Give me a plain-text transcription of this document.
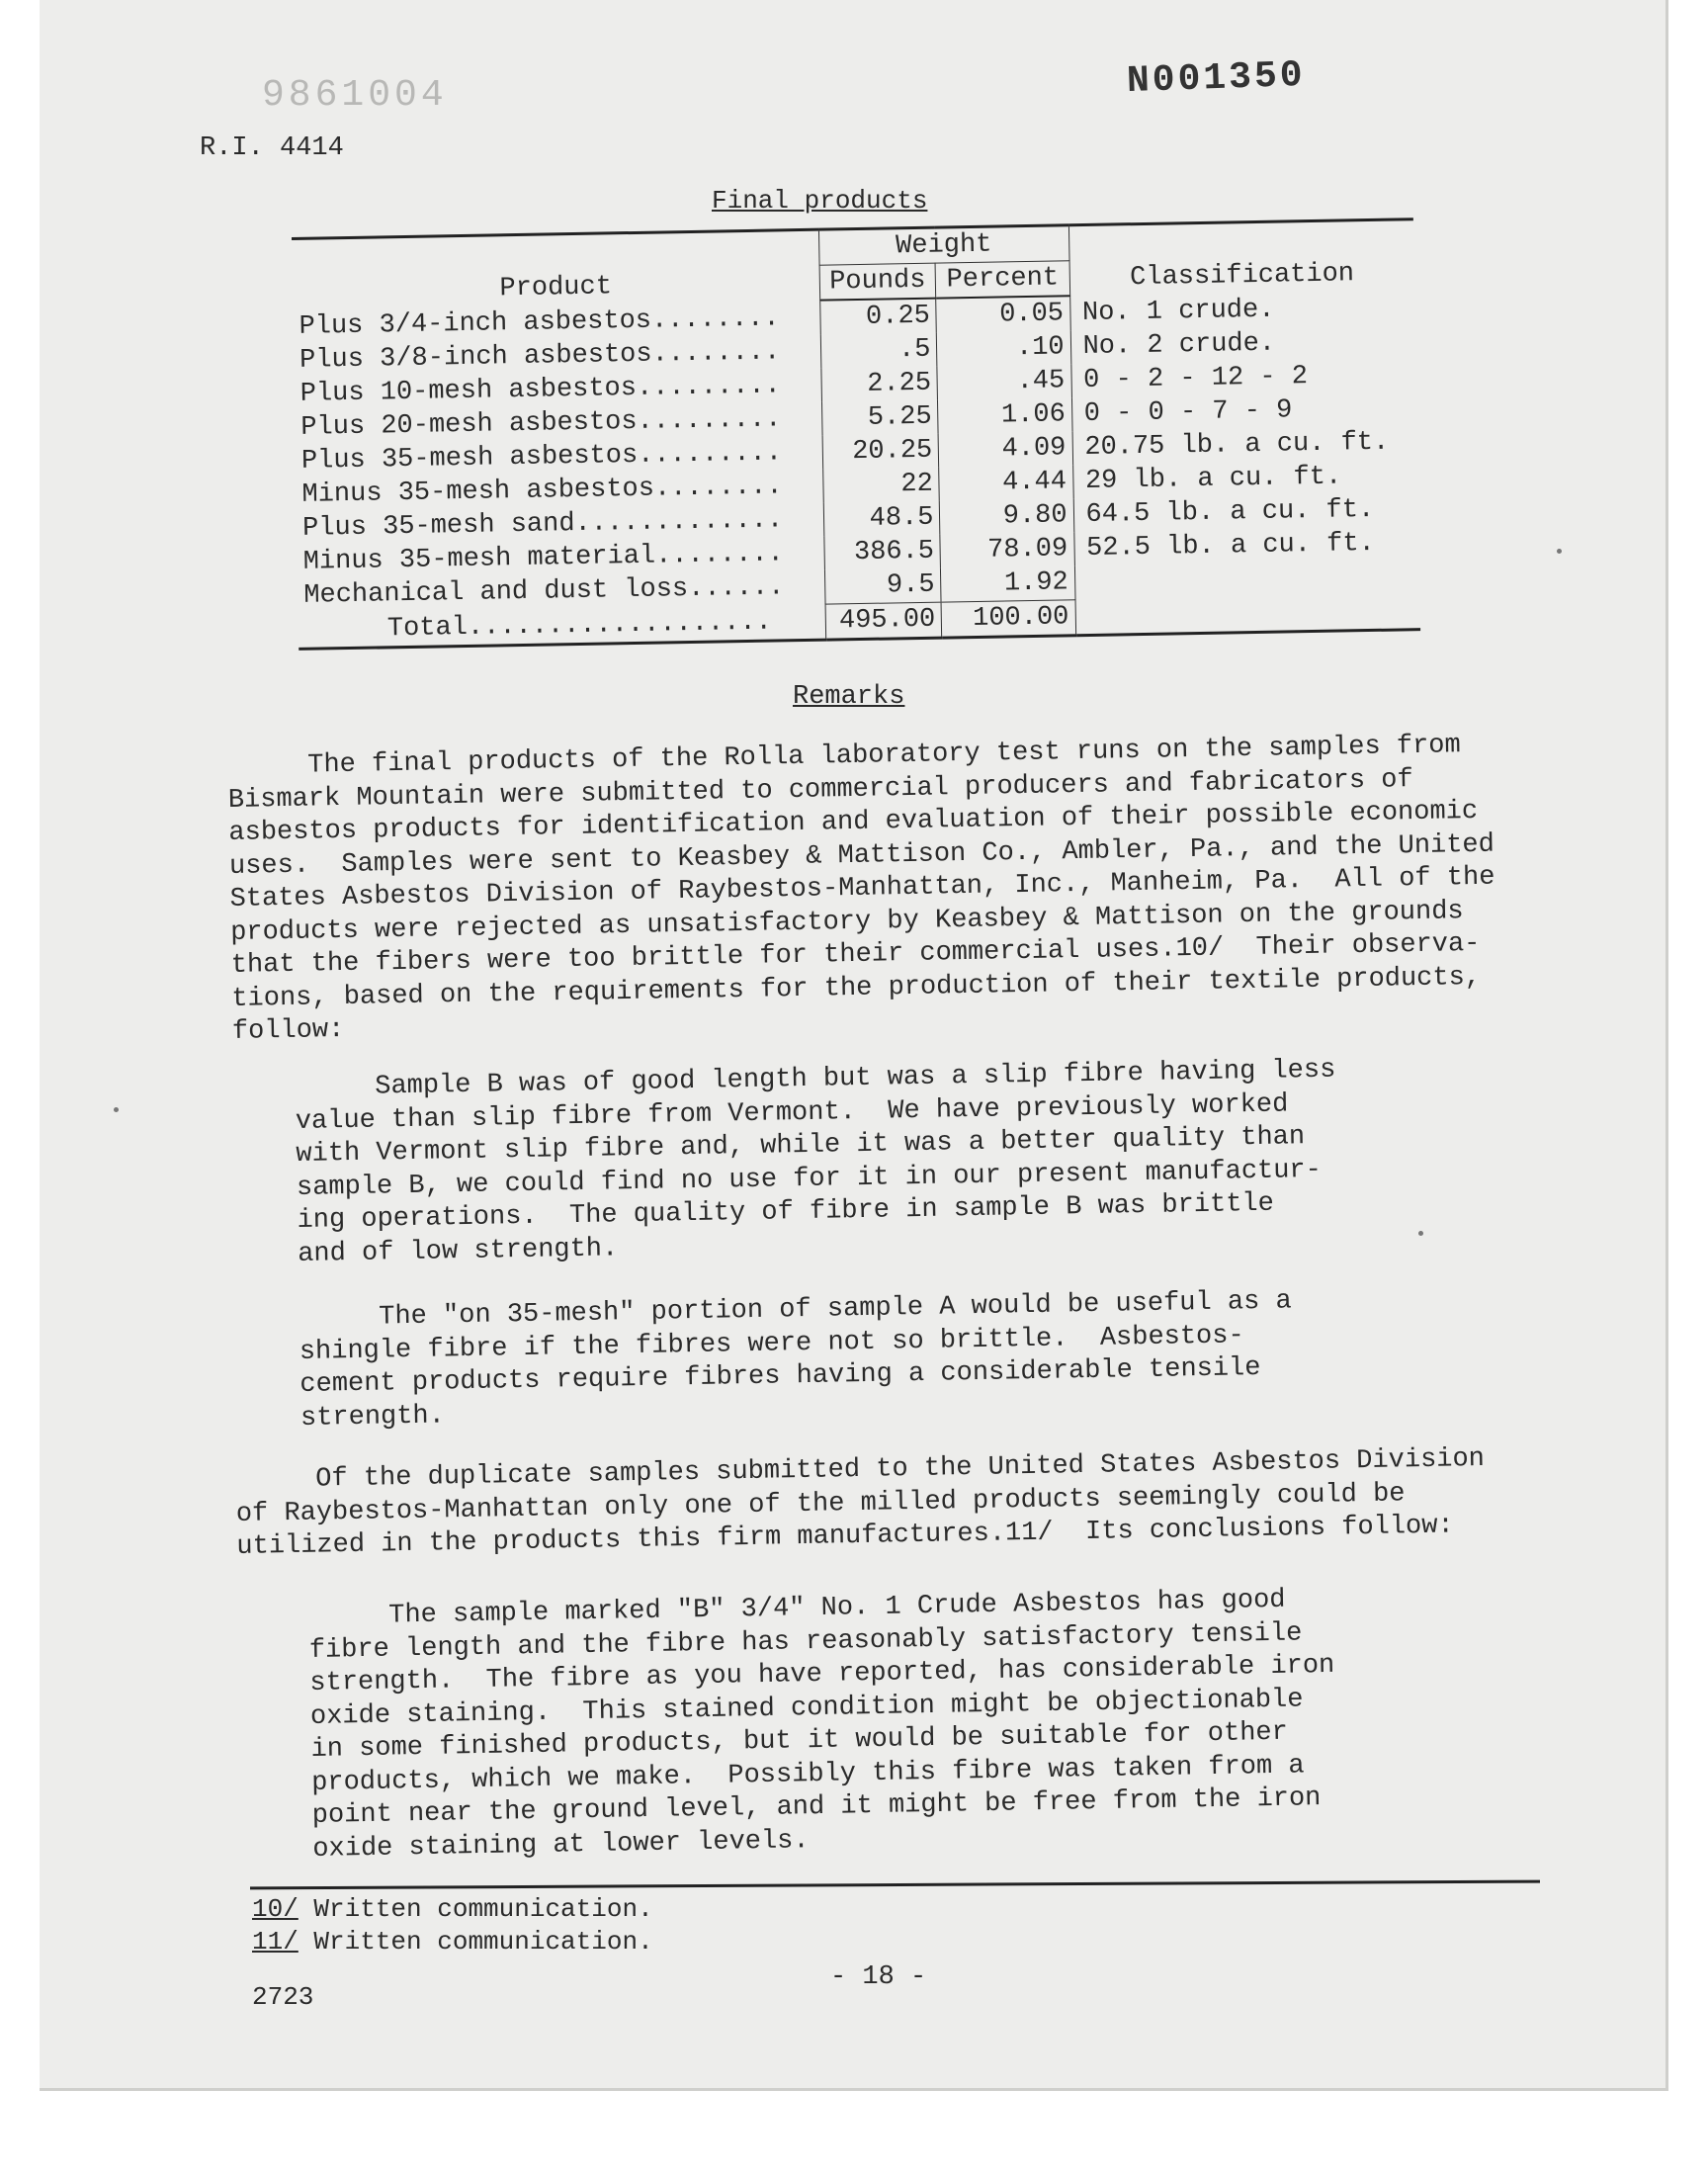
9861004	N001350
R.I. 4414
Final products
Product	Weight		Classification
	Pounds	Percent	
Plus 3/4-inch asbestos........	0.25	0.05	No. 1 crude.
Plus 3/8-inch asbestos........	.5	.10	No. 2 crude.
Plus 10-mesh asbestos.........	2.25	.45	0 - 2 - 12 - 2
Plus 20-mesh asbestos.........	5.25	1.06	0 - 0 - 7 - 9
Plus 35-mesh asbestos.........	20.25	4.09	20.75 lb. a cu. ft.
Minus 35-mesh asbestos........	22	4.44	29 lb. a cu. ft.
Plus 35-mesh sand.............	48.5	9.80	64.5 lb. a cu. ft.
Minus 35-mesh material........	386.5	78.09	52.5 lb. a cu. ft.
Mechanical and dust loss......	9.5	1.92	
Total...................	495.00	100.00	
Remarks
The final products of the Rolla laboratory test runs on the samples from
Bismark Mountain were submitted to commercial producers and fabricators of
asbestos products for identification and evaluation of their possible economic
uses.  Samples were sent to Keasbey & Mattison Co., Ambler, Pa., and the United
States Asbestos Division of Raybestos-Manhattan, Inc., Manheim, Pa.  All of the
products were rejected as unsatisfactory by Keasbey & Mattison on the grounds
that the fibers were too brittle for their commercial uses.10/  Their observa-
tions, based on the requirements for the production of their textile products,
follow:
Sample B was of good length but was a slip fibre having less
value than slip fibre from Vermont.  We have previously worked
with Vermont slip fibre and, while it was a better quality than
sample B, we could find no use for it in our present manufactur-
ing operations.  The quality of fibre in sample B was brittle
and of low strength.
The "on 35-mesh" portion of sample A would be useful as a
shingle fibre if the fibres were not so brittle.  Asbestos-
cement products require fibres having a considerable tensile
strength.
Of the duplicate samples submitted to the United States Asbestos Division
of Raybestos-Manhattan only one of the milled products seemingly could be
utilized in the products this firm manufactures.11/  Its conclusions follow:
The sample marked "B" 3/4" No. 1 Crude Asbestos has good
fibre length and the fibre has reasonably satisfactory tensile
strength.  The fibre as you have reported, has considerable iron
oxide staining.  This stained condition might be objectionable
in some finished products, but it would be suitable for other
products, which we make.  Possibly this fibre was taken from a
point near the ground level, and it might be free from the iron
oxide staining at lower levels.
10/ Written communication.
11/ Written communication.
- 18 -
2723
